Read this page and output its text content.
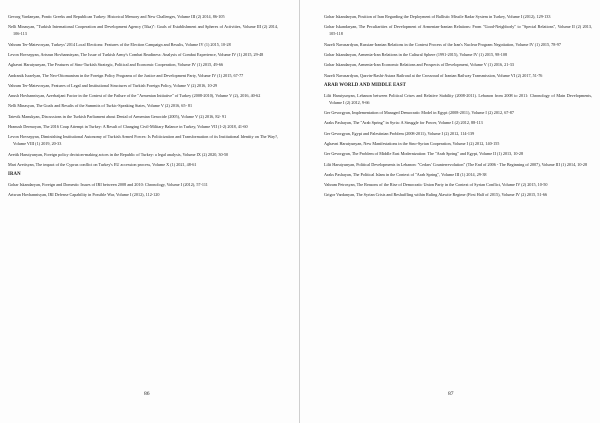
Gevorg Vardanyan, Pontic Greeks and Republican Turkey: Historical Memory and New Challenges, Volume III (2) 2014, 86-105
Nelli Minasyan, "Turkish International Cooperation and Development Agency (Tika)": Goals of Establishment and Spheres of Activities, Volume III (2) 2014, 106-113
Vahram Ter-Matevosyan, Turkeys' 2014 Local Elections: Features of the Election Campaign and Results, Volume IV (1) 2015, 10-28
Levon Hovsepyan, Artsrun Hovhannisyan, The Issue of Turkish Army's Combat Readiness: Analysis of Combat Experience, Volume IV (1) 2015, 29-48
Aghavni Harutyunyan, The Features of Sino-Turkish Strategic, Political and Economic Cooperation, Volume IV (1) 2015, 49-66
Andranik Israelyan, The Neo-Ottomanism in the Foreign Policy Programs of the Justice and Development Party, Volume IV (1) 2015, 67-77
Vahram Ter-Matevosyan, Features of Legal and Institutional Structures of Turkish Foreign Policy, Volume V (2) 2016, 10-29
Anush Hovhannisyan, Azerbaijani Factor in the Context of the Failure of the "Armenian Initiative" of Turkey (2008-2010), Volume V (2), 2016, 40-62
Nelli Minasyan, The Goals and Results of the Summits of Turkic-Speaking States, Volume V (2) 2016, 65- 81
Tatevik Manukyan, Discussions in the Turkish Parliament about Denial of Armenian Genocide (2005), Volume V (2) 2016, 82- 91
Hranush Dermoyan, The 2016 Coup Attempt in Turkey: A Result of Changing Civil-Military Balance in Turkey, Volume VII (1-2) 2018, 41-60
Levon Hovsepyan, Diminishing Institutional Autonomy of Turkish Armed Forces: Is Politicization and Transformation of its Institutional Identity on The Way?, Volume VIII (1) 2019, 20-33
Avetik Harutyunyan, Foreign policy decision-making actors in the Republic of Turkey: a legal analysis, Volume IX (2) 2020, 30-50
Mari Avetisyan, The impact of the Cyprus conflict on Turkey's EU accession process, Volume X (1) 2021, 48-61
IRAN
Gohar Iskandaryan, Foreign and Domestic Issues of IRI between 2008 and 2010: Chronology, Volume I (2012), 57-111
Artsrun Hovhannisyan, IRI Defense Capability in Possible War, Volume I (2012), 112-120
86
Gohar Iskandaryan, Position of Iran Regarding the Deployment of Ballistic Missile Radar System in Turkey, Volume I (2012), 129-133
Gohar Iskandaryan, The Peculiarities of Development of Armenian-Iranian Relations: From "Good-Neighborly" to "Special Relations", Volume II (2) 2013, 105-118
Nazeli Navasardyan, Russian-Iranian Relations in the Context Process of the Iran's Nuclear Program Negotiation, Volume IV (1) 2015, 78-97
Gohar Iskandaryan, Armenia-Iran Relations in the Cultural Sphere (1991-2015), Volume IV (1) 2015, 98-108
Gohar Iskandaryan, Armenia-Iran Economic Relations and Prospects of Development, Volume V (1) 2016, 21-33
Nazeli Navasardyan, Qazvin-Rasht-Astara Railroad at the Crossroad of Iranian Railway Transmission, Volume VI (2) 2017, 51-76
ARAB WORLD AND MIDDLE EAST
Lilit Harutyunyan, Lebanon between Political Crises and Relative Stability (2008-2011). Lebanon from 2008 to 2011: Chronology of Main Developments, Volume I (2) 2012, 9-66
Ger Gevorgyan, Implementation of Managed Democratic Model in Egypt (2008-2011), Volume I (2) 2012, 67-87
Araks Pashayan, The "Arab Spring" in Syria: A Struggle for Power, Volume I (2) 2012, 88-113
Ger Gevorgyan, Egypt and Palestinian Problem (2008-2011), Volume I (2) 2012, 114-139
Aghavni Harutyunyan, New Manifestations in the Sino-Syrian Cooperation, Volume I (2) 2012, 140-155
Ger Gevorgyan, The Problem of Middle East Modernization: The "Arab Spring" and Egypt, Volume II (1) 2013, 10-28
Lilit Harutyunyan, Political Developments in Lebanon: "Cedars' Counterrevolution" (The End of 2006 - The Beginning of 2007), Volume III (1) 2014, 10-28
Araks Pashayan, The Political Islam in the Context of "Arab Spring", Volume III (1) 2014, 29-38
Vahram Petrosyan, The Reasons of the Rise of Democratic Union Party in the Context of Syrian Conflict, Volume IV (2) 2015, 10-50
Grigor Vardanyan, The Syrian Crisis and Reshuffling within Ruling Alawite Regime (First Half of 2015), Volume IV (2) 2015, 51-66
87
